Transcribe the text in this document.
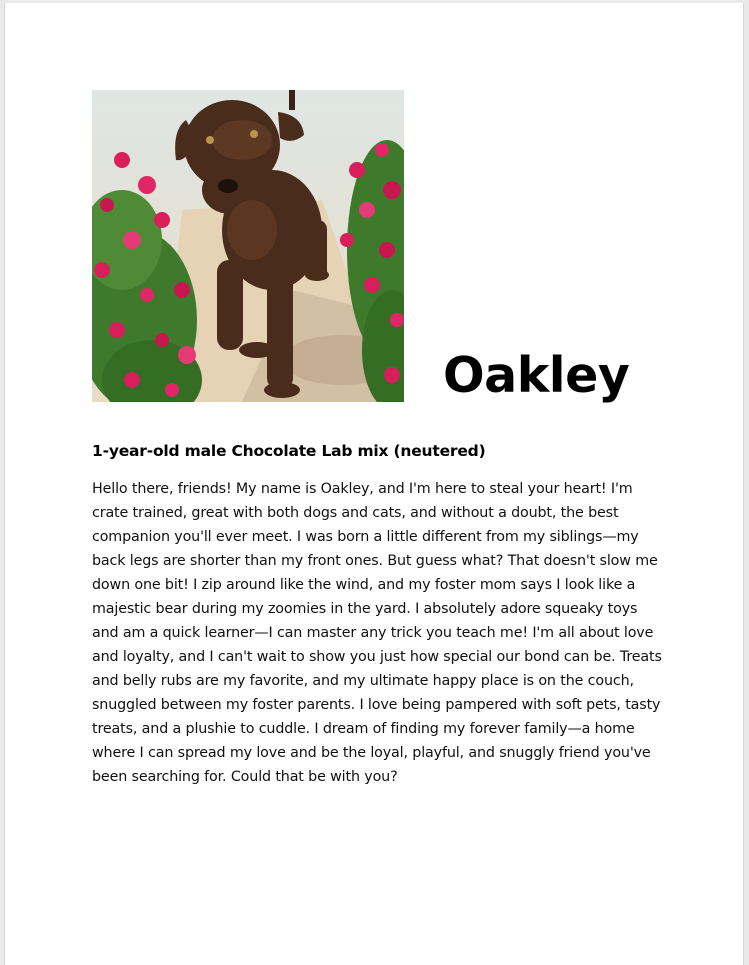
Oakley
1-year-old male Chocolate Lab mix (neutered)
Hello there, friends! My name is Oakley, and I'm here to steal your heart! I'm crate trained, great with both dogs and cats, and without a doubt, the best companion you'll ever meet. I was born a little different from my siblings—my back legs are shorter than my front ones. But guess what? That doesn't slow me down one bit! I zip around like the wind, and my foster mom says I look like a majestic bear during my zoomies in the yard. I absolutely adore squeaky toys and am a quick learner—I can master any trick you teach me! I'm all about love and loyalty, and I can't wait to show you just how special our bond can be. Treats and belly rubs are my favorite, and my ultimate happy place is on the couch, snuggled between my foster parents. I love being pampered with soft pets, tasty treats, and a plushie to cuddle. I dream of finding my forever family—a home where I can spread my love and be the loyal, playful, and snuggly friend you've been searching for. Could that be with you?
